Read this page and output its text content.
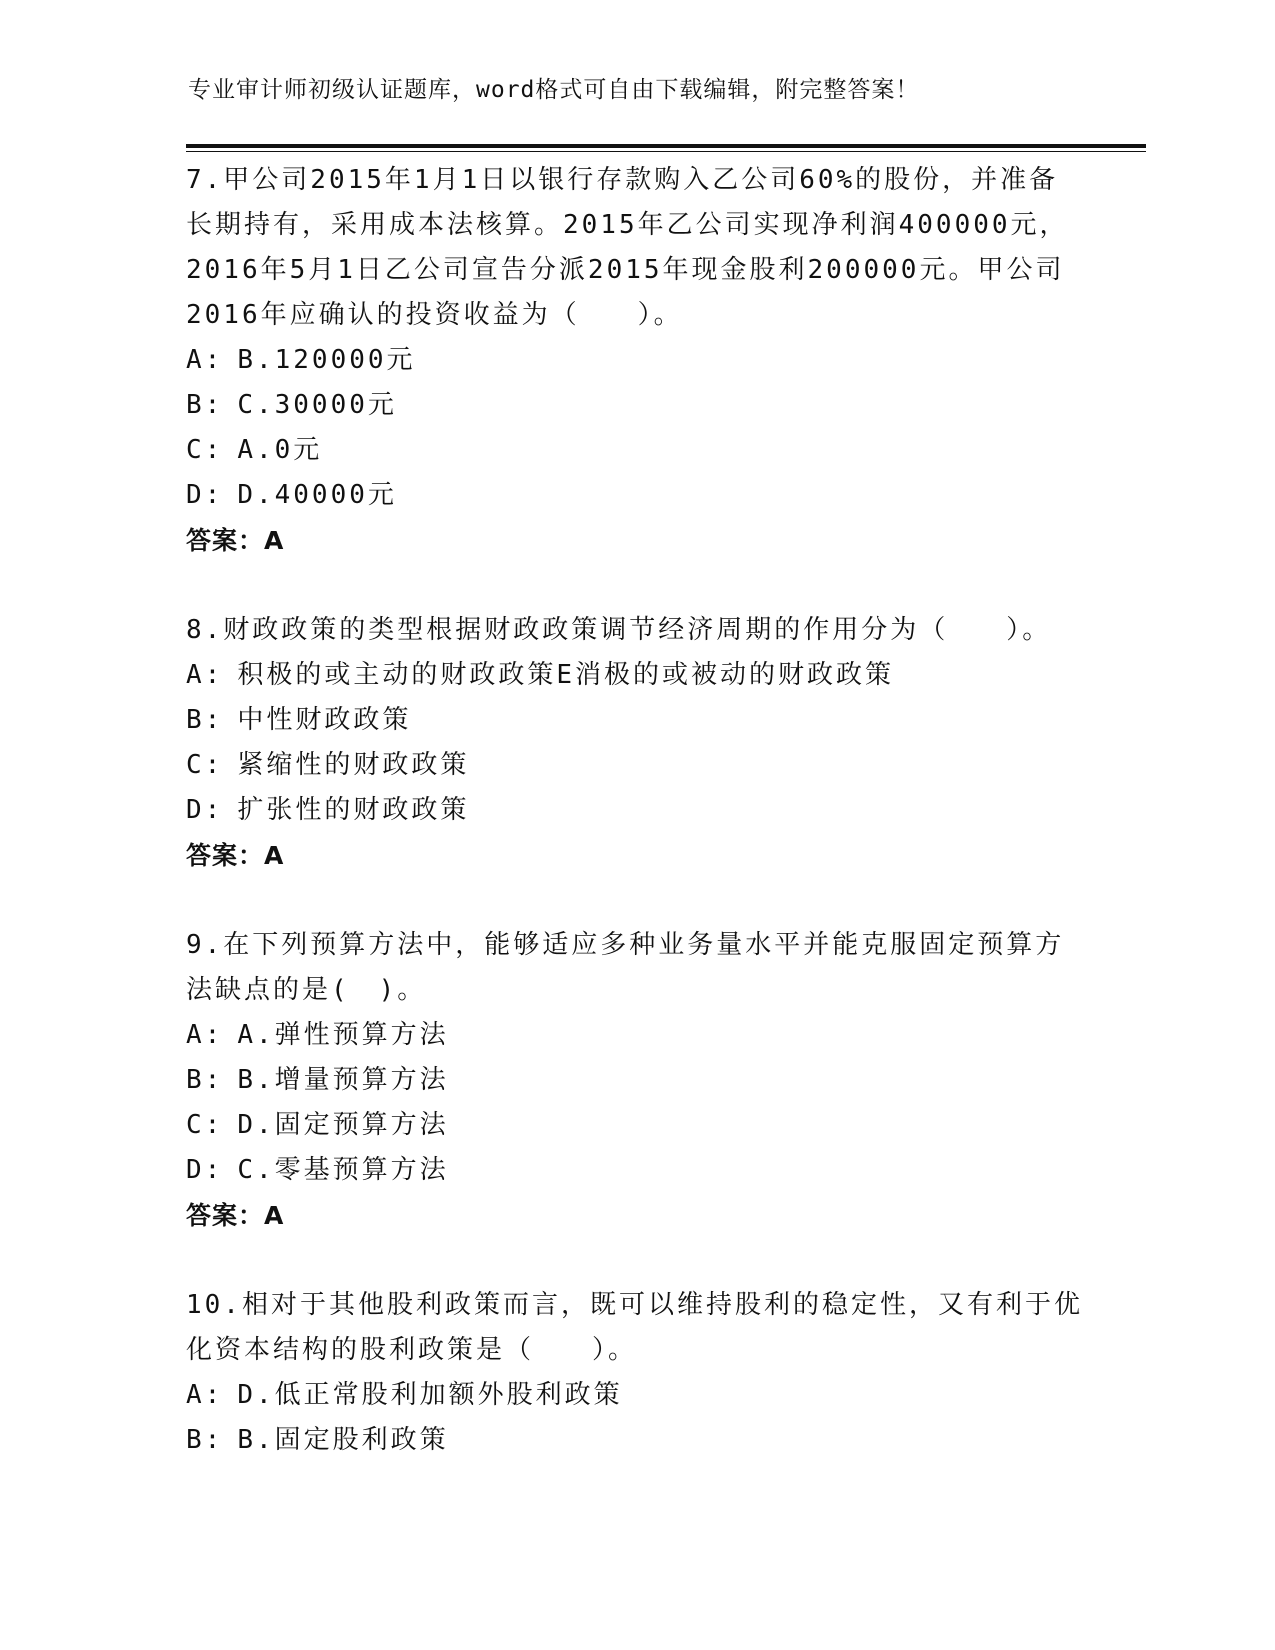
专业审计师初级认证题库，word格式可自由下载编辑，附完整答案！
7.甲公司2015年1月1日以银行存款购入乙公司60%的股份，并准备
长期持有，采用成本法核算。2015年乙公司实现净利润400000元，
2016年5月1日乙公司宣告分派2015年现金股利200000元。甲公司
2016年应确认的投资收益为（　　）。
A: B.120000元
B: C.30000元
C: A.0元
D: D.40000元
答案：A
8.财政政策的类型根据财政政策调节经济周期的作用分为（　　）。
A: 积极的或主动的财政政策E消极的或被动的财政政策
B: 中性财政政策
C: 紧缩性的财政政策
D: 扩张性的财政政策
答案：A
9.在下列预算方法中，能够适应多种业务量水平并能克服固定预算方
法缺点的是(　)。
A: A.弹性预算方法
B: B.增量预算方法
C: D.固定预算方法
D: C.零基预算方法
答案：A
10.相对于其他股利政策而言，既可以维持股利的稳定性，又有利于优
化资本结构的股利政策是（　　）。
A: D.低正常股利加额外股利政策
B: B.固定股利政策
